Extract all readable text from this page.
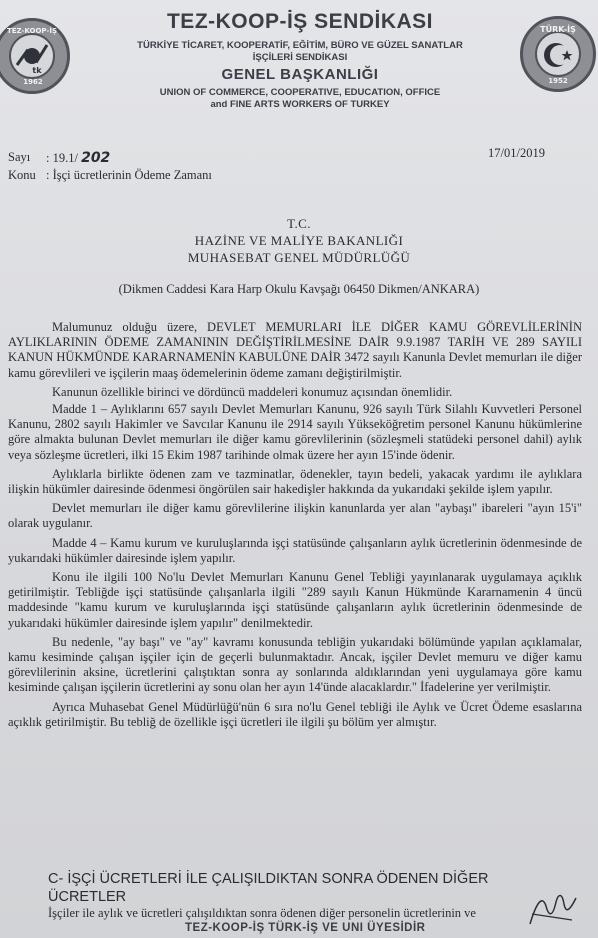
TEZ-KOOP-İŞ
1962
tk
TÜRK-İŞ
1952
TEZ-KOOP-İŞ SENDİKASI
TÜRKİYE TİCARET, KOOPERATİF, EĞİTİM, BÜRO VE GÜZEL SANATLAR
İŞÇİLERİ SENDİKASI
GENEL BAŞKANLIĞI
UNION OF COMMERCE, COOPERATIVE, EDUCATION, OFFICE
and FINE ARTS WORKERS OF TURKEY
Sayı : 19.1/ 202	17/01/2019
Konu : İşçi ücretlerinin Ödeme Zamanı
T.C.
HAZİNE VE MALİYE BAKANLIĞI
MUHASEBAT GENEL MÜDÜRLÜĞÜ
(Dikmen Caddesi Kara Harp Okulu Kavşağı 06450 Dikmen/ANKARA)

Malumunuz olduğu üzere, DEVLET MEMURLARI İLE DİĞER KAMU GÖREVLİLERİNİN AYLIKLARININ ÖDEME ZAMANININ DEĞİŞTİRİLMESİNE DAİR 9.9.1987 TARİH VE 289 SAYILI KANUN HÜKMÜNDE KARARNAMENİN KABULÜNE DAİR 3472 sayılı Kanunla Devlet memurları ile diğer kamu görevlileri ve işçilerin maaş ödemelerinin ödeme zamanı değiştirilmiştir.

Kanunun özellikle birinci ve dördüncü maddeleri konumuz açısından önemlidir.

Madde 1 – Aylıklarını 657 sayılı Devlet Memurları Kanunu, 926 sayılı Türk Silahlı Kuvvetleri Personel Kanunu, 2802 sayılı Hakimler ve Savcılar Kanunu ile 2914 sayılı Yükseköğretim personel Kanunu hükümlerine göre almakta bulunan Devlet memurları ile diğer kamu görevlilerinin (sözleşmeli statüdeki personel dahil) aylık veya sözleşme ücretleri, ilki 15 Ekim 1987 tarihinde olmak üzere her ayın 15'inde ödenir.

Aylıklarla birlikte ödenen zam ve tazminatlar, ödenekler, tayın bedeli, yakacak yardımı ile aylıklara ilişkin hükümler dairesinde ödenmesi öngörülen sair hakedişler hakkında da yukarıdaki şekilde işlem yapılır.

Devlet memurları ile diğer kamu görevlilerine ilişkin kanunlarda yer alan "aybaşı" ibareleri "ayın 15'i" olarak uygulanır.

Madde 4 – Kamu kurum ve kuruluşlarında işçi statüsünde çalışanların aylık ücretlerinin ödenmesinde de yukarıdaki hükümler dairesinde işlem yapılır.

Konu ile ilgili 100 No'lu Devlet Memurları Kanunu Genel Tebliği yayınlanarak uygulamaya açıklık getirilmiştir. Tebliğde işçi statüsünde çalışanlarla ilgili "289 sayılı Kanun Hükmünde Kararnamenin 4 üncü maddesinde "kamu kurum ve kuruluşlarında işçi statüsünde çalışanların aylık ücretlerinin ödenmesinde de yukarıdaki hükümler dairesinde işlem yapılır" denilmektedir.

Bu nedenle, "ay başı" ve "ay" kavramı konusunda tebliğin yukarıdaki bölümünde yapılan açıklamalar, kamu kesiminde çalışan işçiler için de geçerli bulunmaktadır. Ancak, işçiler Devlet memuru ve diğer kamu görevlilerinin aksine, ücretlerini çalıştıktan sonra ay sonlarında aldıklarından yeni uygulamaya göre kamu kesiminde çalışan işçilerin ücretlerini ay sonu olan her ayın 14'ünde alacaklardır." İfadelerine yer verilmiştir.

Ayrıca Muhasebat Genel Müdürlüğü'nün 6 sıra no'lu Genel tebliği ile Aylık ve Ücret Ödeme esaslarına açıklık getirilmiştir. Bu tebliğ de özellikle işçi ücretleri ile ilgili şu bölüm yer almıştır.

C- İŞÇİ ÜCRETLERİ İLE ÇALIŞILDIKTAN SONRA ÖDENEN DİĞER
ÜCRETLER
İşçiler ile aylık ve ücretleri çalışıldıktan sonra ödenen diğer personelin ücretlerinin ve
TEZ-KOOP-İŞ TÜRK-İŞ VE UNI ÜYESİDİR
